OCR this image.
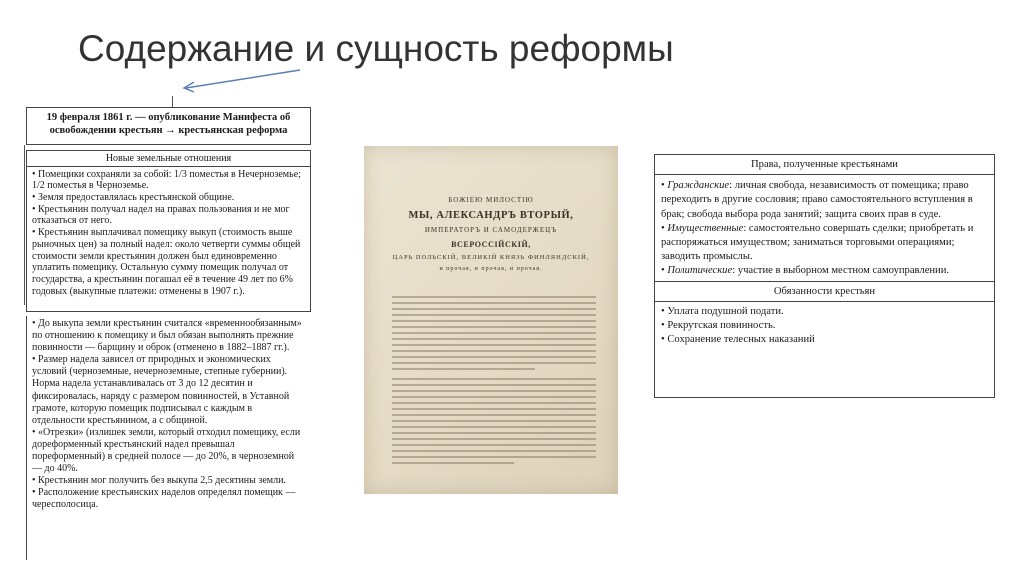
Содержание и сущность реформы
19 февраля 1861 г. — опубликование Манифеста об
освобождении крестьян → крестьянская реформа
Новые земельные отношения

• Помещики сохраняли за собой: 1/3 поместья в Нечерноземье; 1/2 поместья в Черноземье.

• Земля предоставлялась крестьянской общине.

• Крестьянин получал надел на правах пользования и не мог отказаться от него.

• Крестьянин выплачивал помещику выкуп (стоимость выше рыночных цен) за полный надел: около четверти суммы общей стоимости земли крестьянин должен был единовременно уплатить помещику. Остальную сумму помещик получал от государства, а крестьянин погашал её в течение 49 лет по 6% годовых (выкупные платежи: отменены в 1907 г.).

• До выкупа земли крестьянин считался «временнообязанным» по отношению к помещику и был обязан выполнять прежние повинности — барщину и оброк (отменено в 1882–1887 гг.).

• Размер надела зависел от природных и экономических условий (черноземные, нечерноземные, степные губернии). Норма надела устанавливалась от 3 до 12 десятин и фиксировалась, наряду с размером повинностей, в Уставной грамоте, которую помещик подписывал с каждым в отдельности крестьянином, а с общиной.

• «Отрезки» (излишек земли, который отходил помещику, если дореформенный крестьянский надел превышал пореформенный) в средней полосе — до 20%, в черноземной — до 40%.

• Крестьянин мог получить без выкупа 2,5 десятины земли.

• Расположение крестьянских наделов определял помещик — чересполосица.

БОЖІЕЮ МИЛОСТІЮ
МЫ, АЛЕКСАНДРЪ ВТОРЫЙ,
ИМПЕРАТОРЪ И САМОДЕРЖЕЦЪ
ВСЕРОССІЙСКІЙ,
ЦАРЬ ПОЛЬСКІЙ, ВЕЛИКІЙ КНЯЗЬ ФИНЛЯНДСКІЙ,
и прочая, и прочая, и прочая.
Права, полученные крестьянами

• Гражданские: личная свобода, независимость от помещика; право переходить в другие сословия; право самостоятельного вступления в брак; свобода выбора рода занятий; защита своих прав в суде.

• Имущественные: самостоятельно совершать сделки; приобретать и распоряжаться имуществом; заниматься торговыми операциями; заводить промыслы.

• Политические: участие в выборном местном самоуправлении.

Обязанности крестьян

• Уплата подушной подати.

• Рекрутская повинность.

• Сохранение телесных наказаний
